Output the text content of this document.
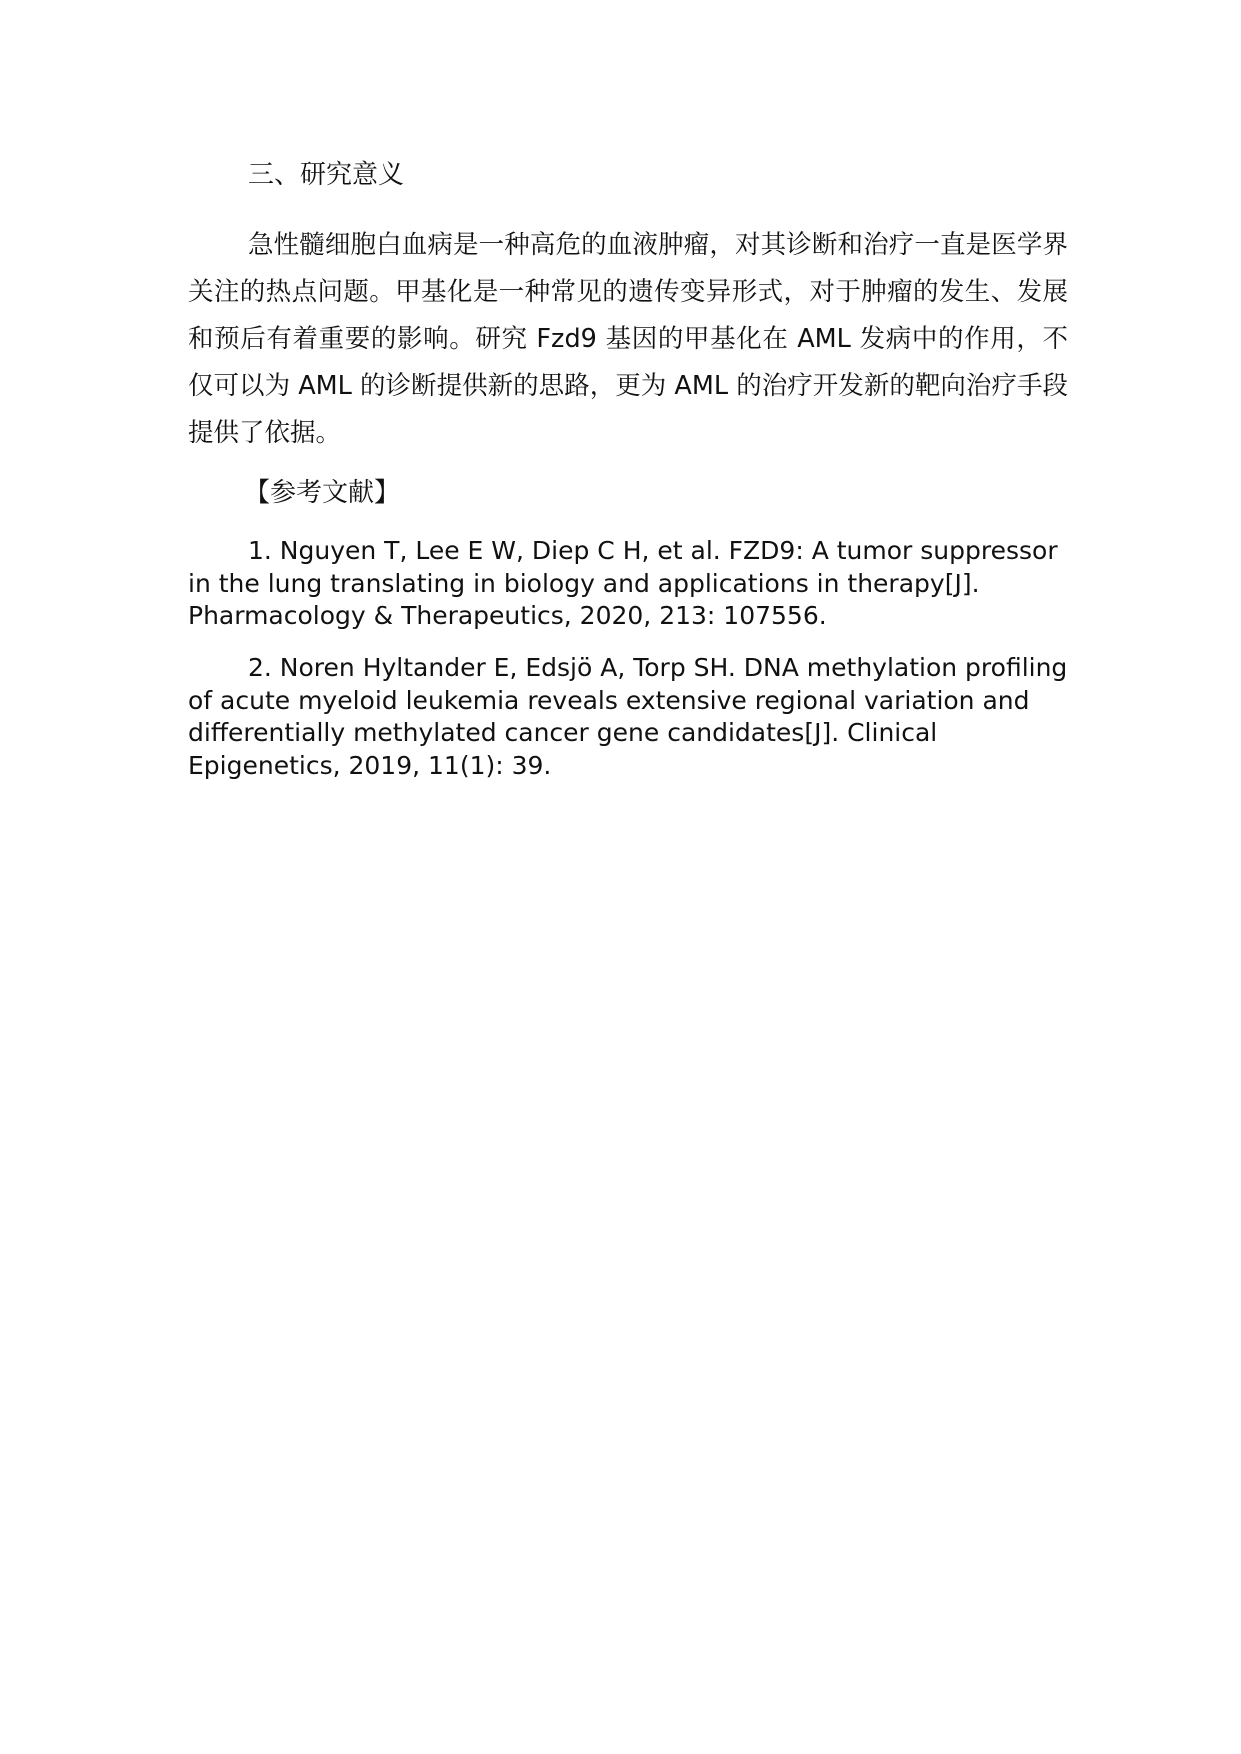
三、研究意义

急性髓细胞白血病是一种高危的血液肿瘤，对其诊断和治疗一直是医学界关注的热点问题。甲基化是一种常见的遗传变异形式，对于肿瘤的发生、发展和预后有着重要的影响。研究 Fzd9 基因的甲基化在 AML 发病中的作用，不仅可以为 AML 的诊断提供新的思路，更为 AML 的治疗开发新的靶向治疗手段提供了依据。

【参考文献】

1. Nguyen T, Lee E W, Diep C H, et al. FZD9: A tumor suppressor in the lung translating in biology and applications in therapy[J]. Pharmacology & Therapeutics, 2020, 213: 107556.

2. Noren Hyltander E, Edsjö A, Torp SH. DNA methylation profiling of acute myeloid leukemia reveals extensive regional variation and differentially methylated cancer gene candidates[J]. Clinical Epigenetics, 2019, 11(1): 39.
